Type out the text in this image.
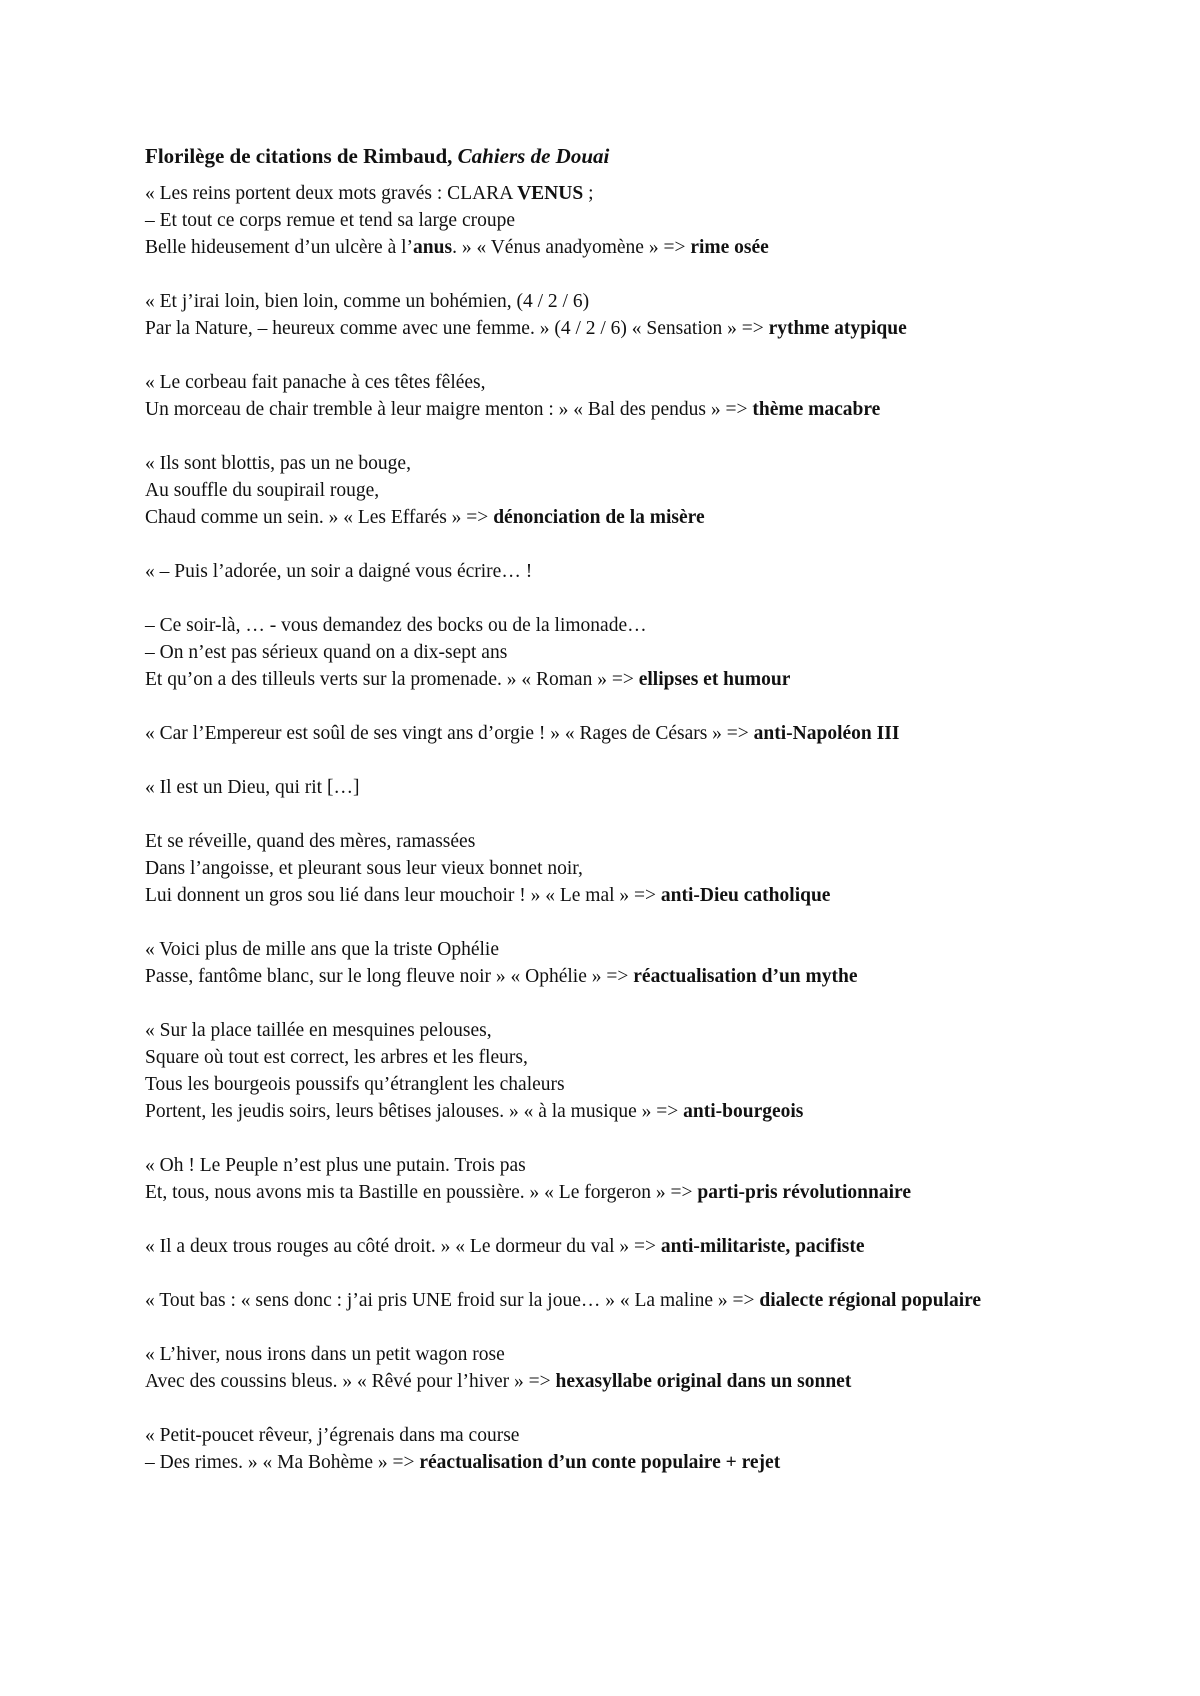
Florilège de citations de Rimbaud, Cahiers de Douai
« Les reins portent deux mots gravés : CLARA VENUS ;
– Et tout ce corps remue et tend sa large croupe
Belle hideusement d’un ulcère à l’anus. » « Vénus anadyomène » => rime osée
« Et j’irai loin, bien loin, comme un bohémien, (4 / 2 / 6)
Par la Nature, – heureux comme avec une femme. » (4 / 2 / 6) « Sensation » => rythme atypique
« Le corbeau fait panache à ces têtes fêlées,
Un morceau de chair tremble à leur maigre menton : » « Bal des pendus » => thème macabre
« Ils sont blottis, pas un ne bouge,
Au souffle du soupirail rouge,
Chaud comme un sein. » « Les Effarés » => dénonciation de la misère
« – Puis l’adorée, un soir a daigné vous écrire… !
– Ce soir-là, … - vous demandez des bocks ou de la limonade…
– On n’est pas sérieux quand on a dix-sept ans
Et qu’on a des tilleuls verts sur la promenade. » « Roman » => ellipses et humour
« Car l’Empereur est soûl de ses vingt ans d’orgie ! » « Rages de Césars » => anti-Napoléon III
« Il est un Dieu, qui rit […]
Et se réveille, quand des mères, ramassées
Dans l’angoisse, et pleurant sous leur vieux bonnet noir,
Lui donnent un gros sou lié dans leur mouchoir ! » « Le mal » => anti-Dieu catholique
« Voici plus de mille ans que la triste Ophélie
Passe, fantôme blanc, sur le long fleuve noir » « Ophélie » => réactualisation d’un mythe
« Sur la place taillée en mesquines pelouses,
Square où tout est correct, les arbres et les fleurs,
Tous les bourgeois poussifs qu’étranglent les chaleurs
Portent, les jeudis soirs, leurs bêtises jalouses. » « à la musique » => anti-bourgeois
« Oh ! Le Peuple n’est plus une putain. Trois pas
Et, tous, nous avons mis ta Bastille en poussière. » « Le forgeron » => parti-pris révolutionnaire
« Il a deux trous rouges au côté droit. » « Le dormeur du val » => anti-militariste, pacifiste
« Tout bas : « sens donc : j’ai pris UNE froid sur la joue… » « La maline » => dialecte régional populaire
« L’hiver, nous irons dans un petit wagon rose
Avec des coussins bleus. » « Rêvé pour l’hiver » => hexasyllabe original dans un sonnet
« Petit-poucet rêveur, j’égrenais dans ma course
– Des rimes. » « Ma Bohème » => réactualisation d’un conte populaire + rejet
